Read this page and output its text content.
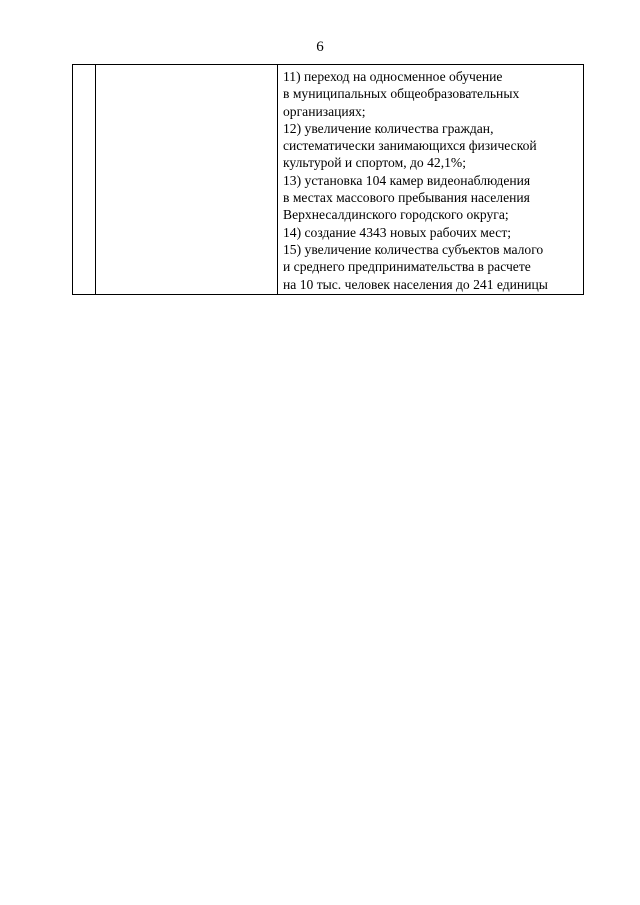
6

11) переход на односменное обучение
в муниципальных общеобразовательных
организациях;
12) увеличение количества граждан,
систематически занимающихся физической
культурой и спортом, до 42,1%;
13) установка 104 камер видеонаблюдения
в местах массового пребывания населения
Верхнесалдинского городского округа;
14) создание 4343 новых рабочих мест;
15) увеличение количества субъектов малого
и среднего предпринимательства в расчете
на 10 тыс. человек населения до 241 единицы
